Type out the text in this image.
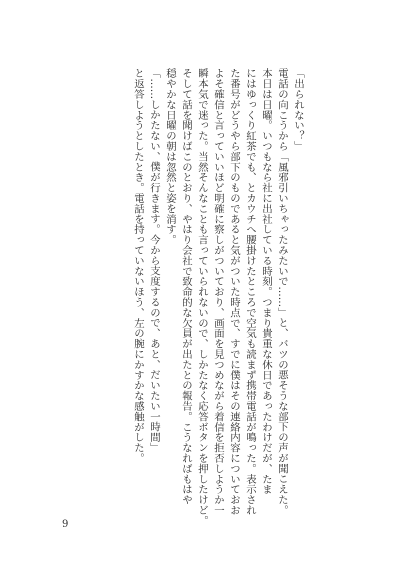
「出られない？」

電話の向こうから「風邪引いちゃったみたいで……」と、バツの悪そうな部下の声が聞こえた。

本日は日曜。いつもなら社に出社している時刻。つまり貴重な休日であったわけだが、たま

にはゆっくり紅茶でも、とカウチへ腰掛けたところで空気も読まず携帯電話が鳴った。表示され

た番号がどうやら部下のものであると気がついた時点で、すでに僕はその連絡内容についておお

よそ確信と言っていいほど明確に察しがついており、画面を見つめながら着信を拒否しようか一

瞬本気で迷った。当然そんなことも言っていられないので、しかたなく応答ボタンを押したけど。

そして話を聞けばこのとおり、やはり会社で致命的な欠員が出たとの報告。こうなればもはや

穏やかな日曜の朝は忽然と姿を消す。

「……しかたない、僕が行きます。今から支度するので、あと、だいたい一時間」

と返答しようとしたとき。電話を持っていないほう、左の腕にかすかな感触がした。

9
